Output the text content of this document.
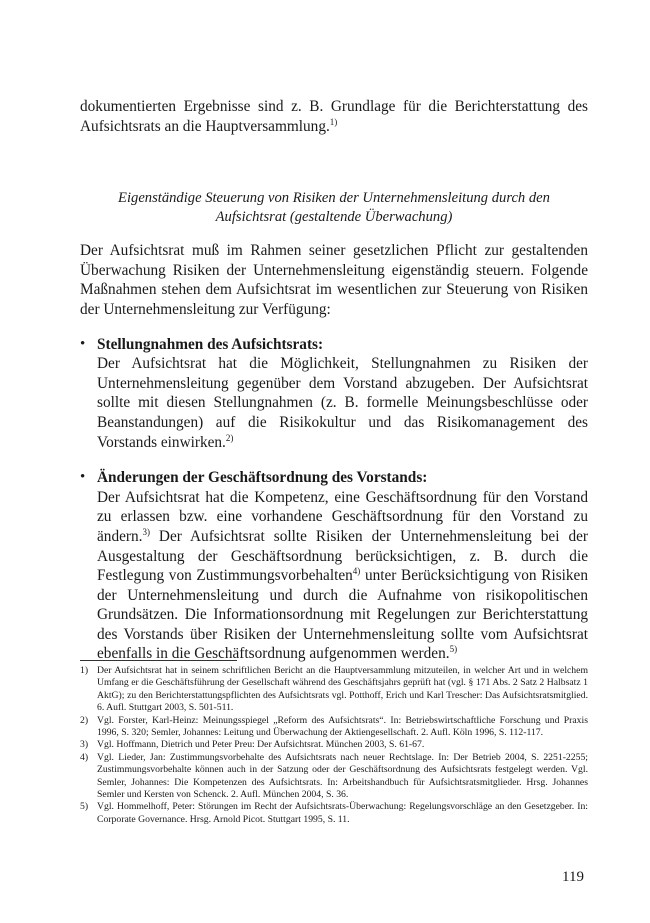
dokumentierten Ergebnisse sind z. B. Grundlage für die Berichterstattung des Aufsichtsrats an die Hauptversammlung.$^{1)}$

Eigenständige Steuerung von Risiken der Unternehmensleitung durch den Aufsichtsrat (gestaltende Überwachung)

Der Aufsichtsrat muß im Rahmen seiner gesetzlichen Pflicht zur gestaltenden Überwachung Risiken der Unternehmensleitung eigenständig steuern. Folgende Maßnahmen stehen dem Aufsichtsrat im wesentlichen zur Steuerung von Risiken der Unternehmensleitung zur Verfügung:

• Stellungnahmen des Aufsichtsrats:
Der Aufsichtsrat hat die Möglichkeit, Stellungnahmen zu Risiken der Unternehmensleitung gegenüber dem Vorstand abzugeben. Der Aufsichtsrat sollte mit diesen Stellungnahmen (z. B. formelle Meinungsbeschlüsse oder Beanstandungen) auf die Risikokultur und das Risikomanagement des Vorstands einwirken.$^{2)}$
• Änderungen der Geschäftsordnung des Vorstands:
Der Aufsichtsrat hat die Kompetenz, eine Geschäftsordnung für den Vorstand zu erlassen bzw. eine vorhandene Geschäftsordnung für den Vorstand zu ändern.$^{3)}$ Der Aufsichtsrat sollte Risiken der Unternehmensleitung bei der Ausgestaltung der Geschäftsordnung berücksichtigen, z. B. durch die Festlegung von Zustimmungsvorbehalten$^{4)}$ unter Berücksichtigung von Risiken der Unternehmensleitung und durch die Aufnahme von risikopolitischen Grundsätzen. Die Informationsordnung mit Regelungen zur Berichterstattung des Vorstands über Risiken der Unternehmensleitung sollte vom Aufsichtsrat ebenfalls in die Geschäftsordnung aufgenommen werden.$^{5)}$

1) Der Aufsichtsrat hat in seinem schriftlichen Bericht an die Hauptversammlung mitzuteilen, in welcher Art und in welchem Umfang er die Geschäftsführung der Gesellschaft während des Geschäftsjahrs geprüft hat (vgl. § 171 Abs. 2 Satz 2 Halbsatz 1 AktG); zu den Berichterstattungspflichten des Aufsichtsrats vgl. Potthoff, Erich und Karl Trescher: Das Aufsichtsratsmitglied. 6. Aufl. Stuttgart 2003, S. 501-511.

2) Vgl. Forster, Karl-Heinz: Meinungsspiegel „Reform des Aufsichtsrats“. In: Betriebswirtschaftliche Forschung und Praxis 1996, S. 320; Semler, Johannes: Leitung und Überwachung der Aktiengesellschaft. 2. Aufl. Köln 1996, S. 112-117.

3) Vgl. Hoffmann, Dietrich und Peter Preu: Der Aufsichtsrat. München 2003, S. 61-67.

4) Vgl. Lieder, Jan: Zustimmungsvorbehalte des Aufsichtsrats nach neuer Rechtslage. In: Der Betrieb 2004, S. 2251-2255; Zustimmungsvorbehalte können auch in der Satzung oder der Geschäftsordnung des Aufsichtsrats festgelegt werden. Vgl. Semler, Johannes: Die Kompetenzen des Aufsichtsrats. In: Arbeitshandbuch für Aufsichtsratsmitglieder. Hrsg. Johannes Semler und Kersten von Schenck. 2. Aufl. München 2004, S. 36.

5) Vgl. Hommelhoff, Peter: Störungen im Recht der Aufsichtsrats-Überwachung: Regelungsvorschläge an den Gesetzgeber. In: Corporate Governance. Hrsg. Arnold Picot. Stuttgart 1995, S. 11.

119
